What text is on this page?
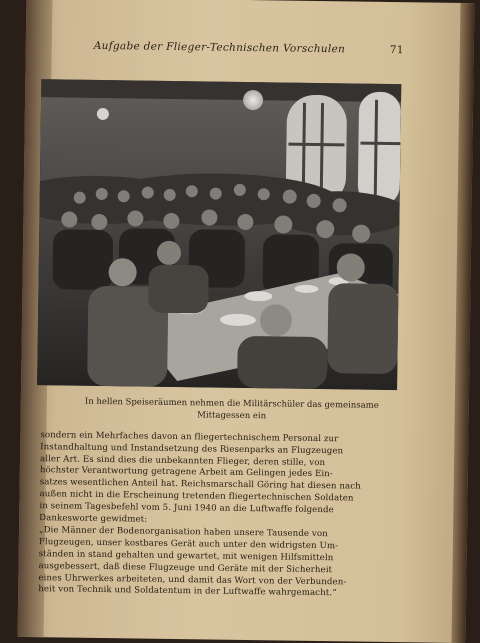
Aufgabe der Flieger-Technischen Vorschulen	71
In hellen Speiseräumen nehmen die Militärschüler das gemeinsame
Mittagessen ein

sondern ein Mehrfaches davon an fliegertechnischem Personal zur
Instandhaltung und Instandsetzung des Riesenparks an Flugzeugen
aller Art. Es sind dies die unbekannten Flieger, deren stille, von
höchster Verantwortung getragene Arbeit am Gelingen jedes Ein-
satzes wesentlichen Anteil hat. Reichsmarschall Göring hat diesen nach
außen nicht in die Erscheinung tretenden fliegertechnischen Soldaten
in seinem Tagesbefehl vom 5. Juni 1940 an die Luftwaffe folgende
Dankesworte gewidmet:

„Die Männer der Bodenorganisation haben unsere Tausende von
Flugzeugen, unser kostbares Gerät auch unter den widrigsten Um-
ständen in stand gehalten und gewartet, mit wenigen Hilfsmitteln
ausgebessert, daß diese Flugzeuge und Geräte mit der Sicherheit
eines Uhrwerkes arbeiteten, und damit das Wort von der Verbunden-
heit von Technik und Soldatentum in der Luftwaffe wahrgemacht.“
